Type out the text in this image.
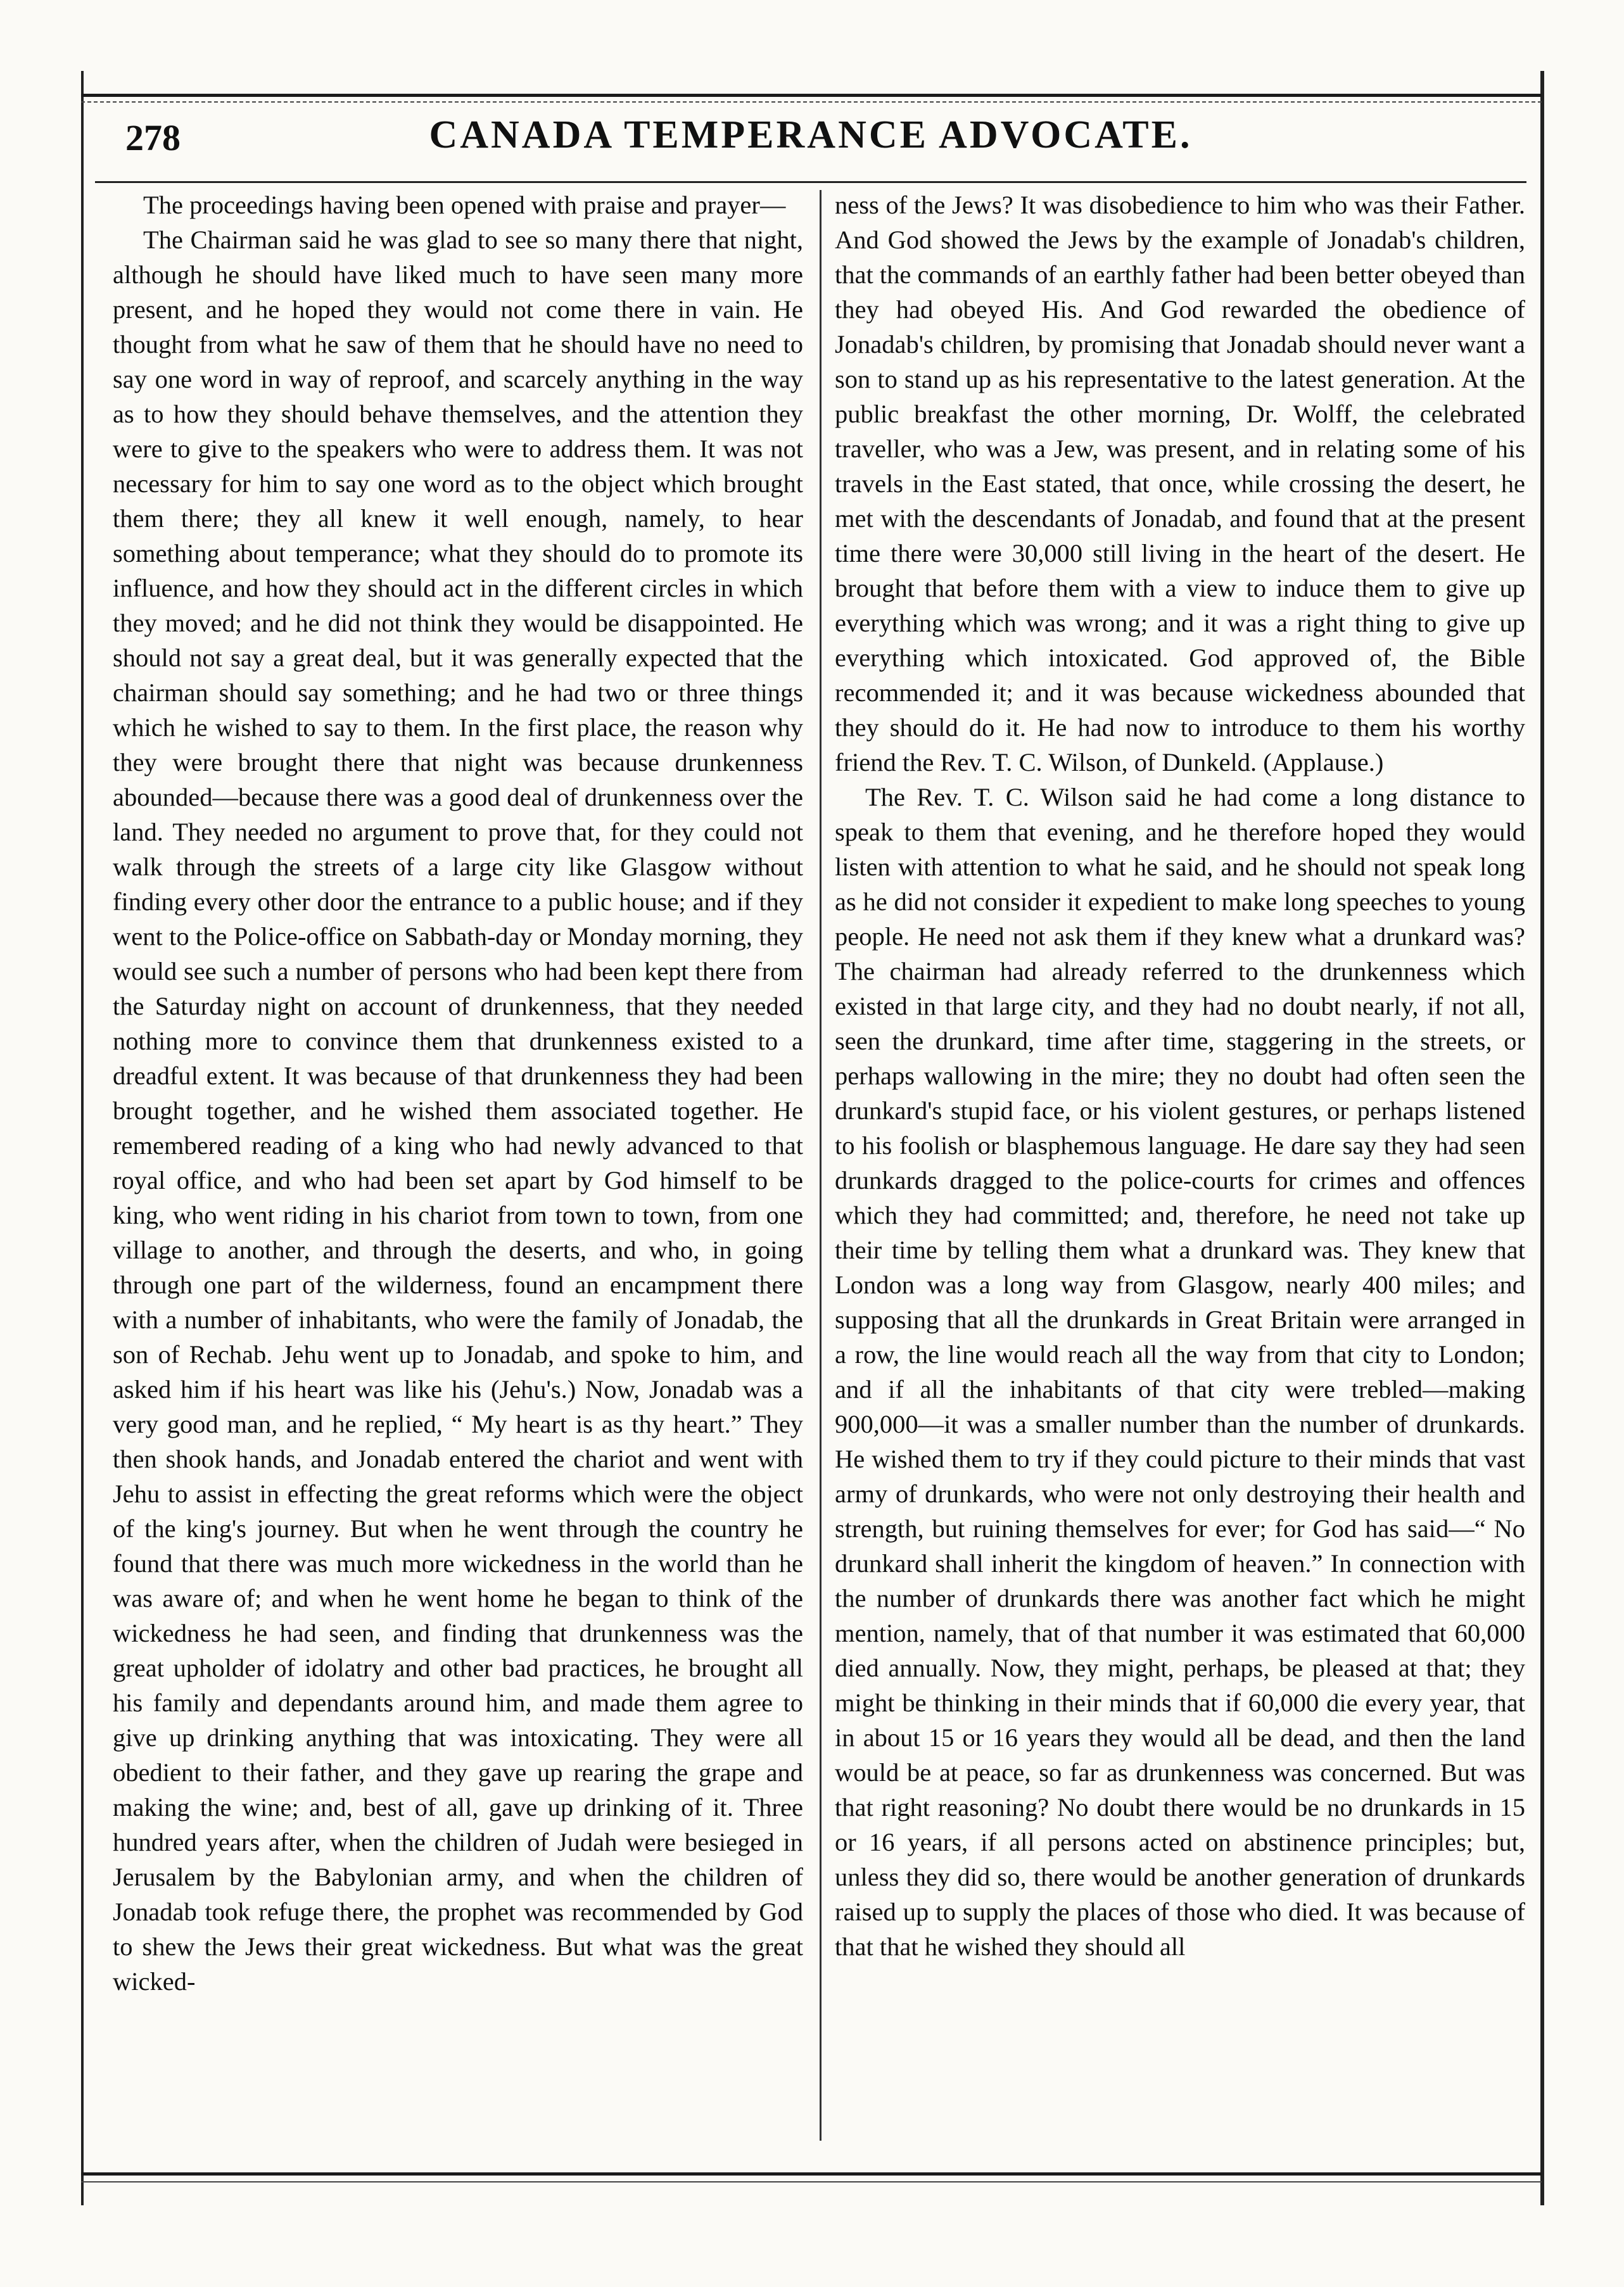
278	CANADA TEMPERANCE ADVOCATE.

The proceedings having been opened with praise and prayer—

The Chairman said he was glad to see so many there that night, although he should have liked much to have seen many more present, and he hoped they would not come there in vain. He thought from what he saw of them that he should have no need to say one word in way of reproof, and scarcely anything in the way as to how they should behave themselves, and the attention they were to give to the speakers who were to address them. It was not necessary for him to say one word as to the object which brought them there; they all knew it well enough, namely, to hear something about temperance; what they should do to promote its influence, and how they should act in the different circles in which they moved; and he did not think they would be disappointed. He should not say a great deal, but it was generally expected that the chairman should say something; and he had two or three things which he wished to say to them. In the first place, the reason why they were brought there that night was because drunkenness abounded—because there was a good deal of drunkenness over the land. They needed no argument to prove that, for they could not walk through the streets of a large city like Glasgow without finding every other door the entrance to a public house; and if they went to the Police-office on Sabbath-day or Monday morning, they would see such a number of persons who had been kept there from the Saturday night on account of drunkenness, that they needed nothing more to convince them that drunkenness existed to a dreadful extent. It was because of that drunkenness they had been brought together, and he wished them associated together. He remembered reading of a king who had newly advanced to that royal office, and who had been set apart by God himself to be king, who went riding in his chariot from town to town, from one village to another, and through the deserts, and who, in going through one part of the wilderness, found an encampment there with a number of inhabitants, who were the family of Jonadab, the son of Rechab. Jehu went up to Jonadab, and spoke to him, and asked him if his heart was like his (Jehu's.) Now, Jonadab was a very good man, and he replied, “ My heart is as thy heart.” They then shook hands, and Jonadab entered the chariot and went with Jehu to assist in effecting the great reforms which were the object of the king's journey. But when he went through the country he found that there was much more wickedness in the world than he was aware of; and when he went home he began to think of the wickedness he had seen, and finding that drunkenness was the great upholder of idolatry and other bad practices, he brought all his family and dependants around him, and made them agree to give up drinking anything that was intoxicating. They were all obedient to their father, and they gave up rearing the grape and making the wine; and, best of all, gave up drinking of it. Three hundred years after, when the children of Judah were besieged in Jerusalem by the Babylonian army, and when the children of Jonadab took refuge there, the prophet was recommended by God to shew the Jews their great wickedness. But what was the great wicked-

ness of the Jews? It was disobedience to him who was their Father. And God showed the Jews by the example of Jonadab's children, that the commands of an earthly father had been better obeyed than they had obeyed His. And God rewarded the obedience of Jonadab's children, by promising that Jonadab should never want a son to stand up as his representative to the latest generation. At the public breakfast the other morning, Dr. Wolff, the celebrated traveller, who was a Jew, was present, and in relating some of his travels in the East stated, that once, while crossing the desert, he met with the descendants of Jonadab, and found that at the present time there were 30,000 still living in the heart of the desert. He brought that before them with a view to induce them to give up everything which was wrong; and it was a right thing to give up everything which intoxicated. God approved of, the Bible recommended it; and it was because wickedness abounded that they should do it. He had now to introduce to them his worthy friend the Rev. T. C. Wilson, of Dunkeld. (Applause.)

The Rev. T. C. Wilson said he had come a long distance to speak to them that evening, and he therefore hoped they would listen with attention to what he said, and he should not speak long as he did not consider it expedient to make long speeches to young people. He need not ask them if they knew what a drunkard was? The chairman had already referred to the drunkenness which existed in that large city, and they had no doubt nearly, if not all, seen the drunkard, time after time, staggering in the streets, or perhaps wallowing in the mire; they no doubt had often seen the drunkard's stupid face, or his violent gestures, or perhaps listened to his foolish or blasphemous language. He dare say they had seen drunkards dragged to the police-courts for crimes and offences which they had committed; and, therefore, he need not take up their time by telling them what a drunkard was. They knew that London was a long way from Glasgow, nearly 400 miles; and supposing that all the drunkards in Great Britain were arranged in a row, the line would reach all the way from that city to London; and if all the inhabitants of that city were trebled—making 900,000—it was a smaller number than the number of drunkards. He wished them to try if they could picture to their minds that vast army of drunkards, who were not only destroying their health and strength, but ruining themselves for ever; for God has said—“ No drunkard shall inherit the kingdom of heaven.” In connection with the number of drunkards there was another fact which he might mention, namely, that of that number it was estimated that 60,000 died annually. Now, they might, perhaps, be pleased at that; they might be thinking in their minds that if 60,000 die every year, that in about 15 or 16 years they would all be dead, and then the land would be at peace, so far as drunkenness was concerned. But was that right reasoning? No doubt there would be no drunkards in 15 or 16 years, if all persons acted on abstinence principles; but, unless they did so, there would be another generation of drunkards raised up to supply the places of those who died. It was because of that that he wished they should all
